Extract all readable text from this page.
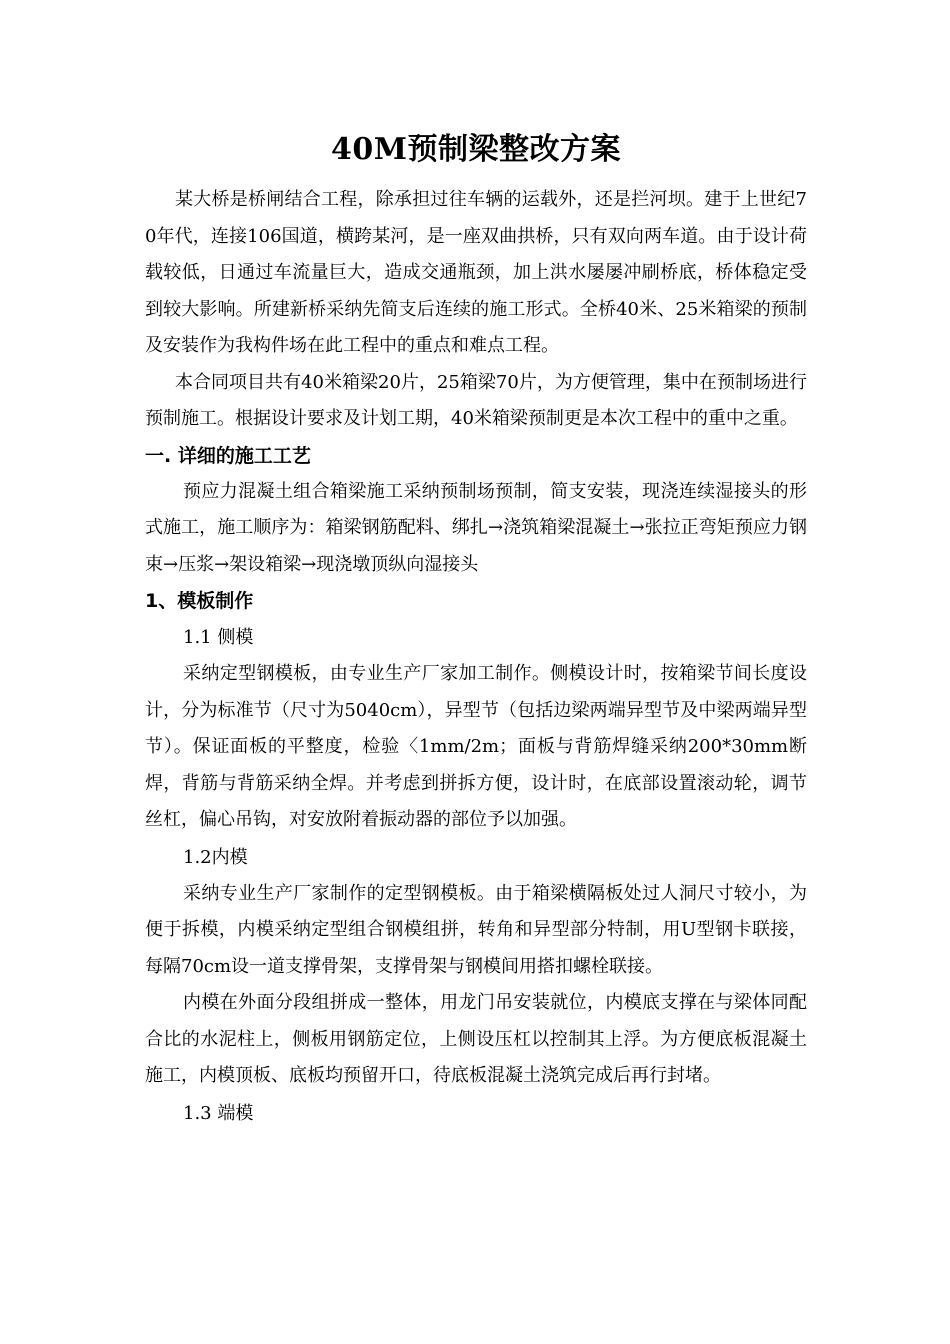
40M预制梁整改方案

某大桥是桥闸结合工程，除承担过往车辆的运载外，还是拦河坝。建于上世纪70年代，连接106国道，横跨某河，是一座双曲拱桥，只有双向两车道。由于设计荷载较低，日通过车流量巨大，造成交通瓶颈，加上洪水屡屡冲刷桥底，桥体稳定受到较大影响。所建新桥采纳先简支后连续的施工形式。全桥40米、25米箱梁的预制及安装作为我构件场在此工程中的重点和难点工程。

本合同项目共有40米箱梁20片，25箱梁70片，为方便管理，集中在预制场进行预制施工。根据设计要求及计划工期，40米箱梁预制更是本次工程中的重中之重。

一. 详细的施工工艺

预应力混凝土组合箱梁施工采纳预制场预制，简支安装，现浇连续湿接头的形式施工，施工顺序为：箱梁钢筋配料、绑扎→浇筑箱梁混凝土→张拉正弯矩预应力钢束→压浆→架设箱梁→现浇墩顶纵向湿接头

1、模板制作

1.1 侧模

采纳定型钢模板，由专业生产厂家加工制作。侧模设计时，按箱梁节间长度设计，分为标准节（尺寸为5040cm），异型节（包括边梁两端异型节及中梁两端异型节）。保证面板的平整度，检验〈1mm/2m；面板与背筋焊缝采纳200*30mm断焊，背筋与背筋采纳全焊。并考虑到拼拆方便，设计时，在底部设置滚动轮，调节丝杠，偏心吊钩，对安放附着振动器的部位予以加强。

1.2内模

采纳专业生产厂家制作的定型钢模板。由于箱梁横隔板处过人洞尺寸较小，为便于拆模，内模采纳定型组合钢模组拼，转角和异型部分特制，用U型钢卡联接，每隔70cm设一道支撑骨架，支撑骨架与钢模间用搭扣螺栓联接。

内模在外面分段组拼成一整体，用龙门吊安装就位，内模底支撑在与梁体同配合比的水泥柱上，侧板用钢筋定位，上侧设压杠以控制其上浮。为方便底板混凝土施工，内模顶板、底板均预留开口，待底板混凝土浇筑完成后再行封堵。

1.3 端模
